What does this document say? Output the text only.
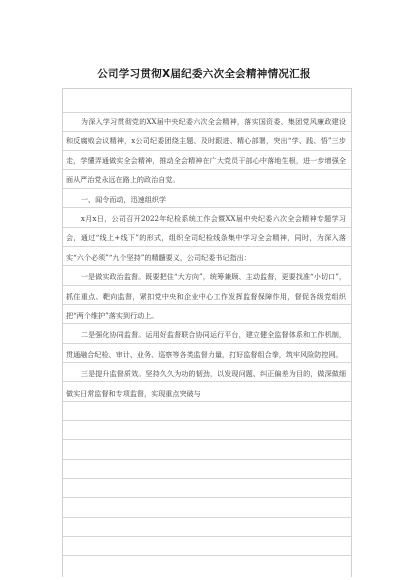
公司学习贯彻X届纪委六次全会精神情况汇报

为深入学习贯彻党的XX届中央纪委六次全会精神，落实国资委、集团党风廉政建设和反腐败会议精神，x公司纪委团绕主题、及时跟进、精心部署，突出“学、践、悟”三步走，学懂弄通做实全会精神，推动全会精神在广大党员干部心中落地生根，进一步增强全面从严治党永远在路上的政治自觉。

一、闻令而动，迅速组织学

x月x日，公司召开2022年纪检系统工作会暨XX届中央纪委六次全会精神专题学习会，通过“线上+线下”的形式，组织全司纪检线条集中学习全会精神，同时，为深入落实“六个必须”“九个坚持”的精髓要义，公司纪委书记指出：

一是做实政治监督。既要把住“大方向”，统筹兼顾、主动监督，更要找准“小切口”，抓住重点、靶向监督，紧扣党中央和企业中心工作发挥监督保障作用，督促各级党组织把“两个维护”落实到行动上。

二是强化协同监督。运用好监督联合协同运行平台，建立健全监督体系和工作机制，贯通融合纪检、审计、业务、巡察等各类监督力量，打好监督组合拳，筑牢风险防控网。

三是提升监督质效。坚持久久为功的韧劲，以发现问题、纠正偏差为目的，做深做细做实日常监督和专项监督，实现重点突破与
